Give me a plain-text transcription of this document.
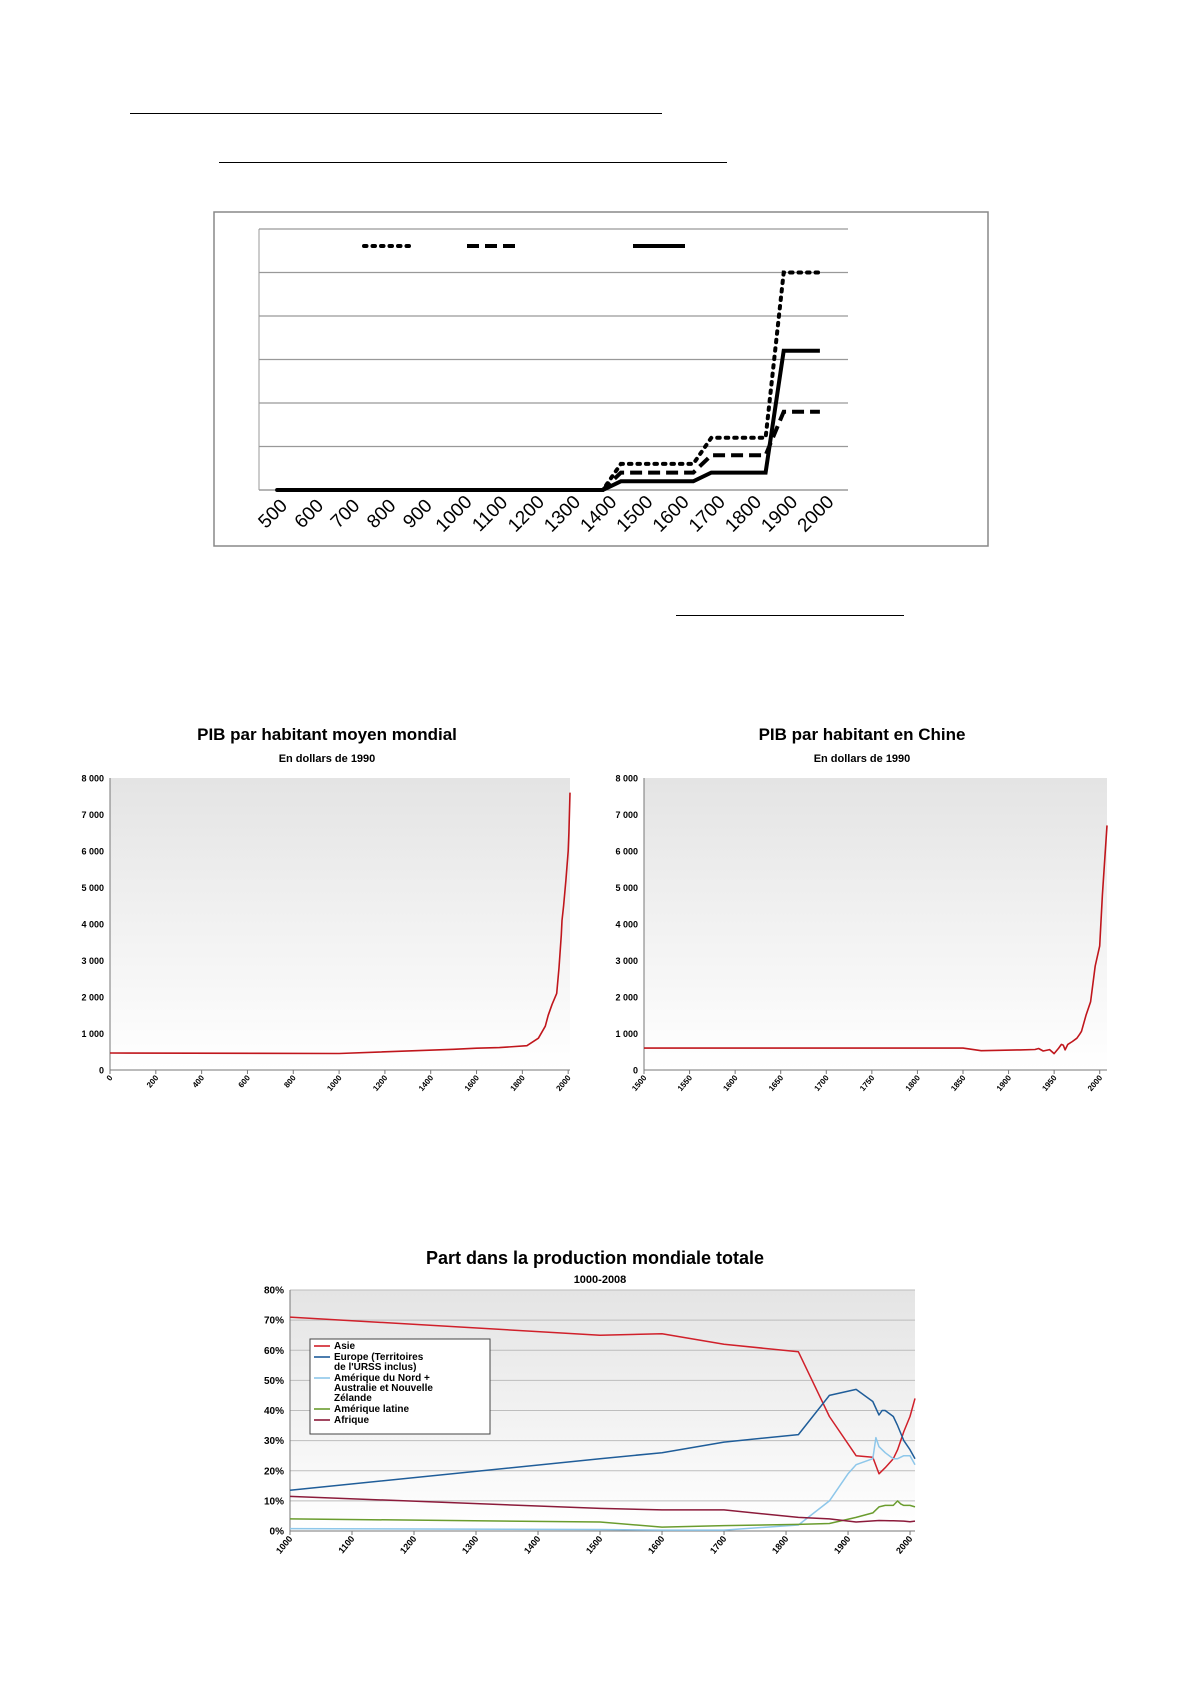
500
600
700
800
900
1000
1100
1200
1300
1400
1500
1600
1700
1800
1900
2000
PIB par habitant moyen mondial
En dollars de 1990
0
1 000
2 000
3 000
4 000
5 000
6 000
7 000
8 000
0	200	400	600	800	1000	1200	1400	1600	1800	2000
PIB par habitant en Chine
En dollars de 1990
0
1 000
2 000
3 000
4 000
5 000
6 000
7 000
8 000
1500	1550	1600	1650	1700	1750	1800	1850	1900	1950	2000
Part dans la production mondiale totale
1000-2008
0%
10%
20%
30%
40%
50%
60%
70%
80%
1000	1100	1200	1300	1400	1500	1600	1700	1800	1900	2000
Asie
Europe (Territoires
de l'URSS inclus)
Amérique du Nord +
Australie et Nouvelle
Zélande
Amérique latine
Afrique
